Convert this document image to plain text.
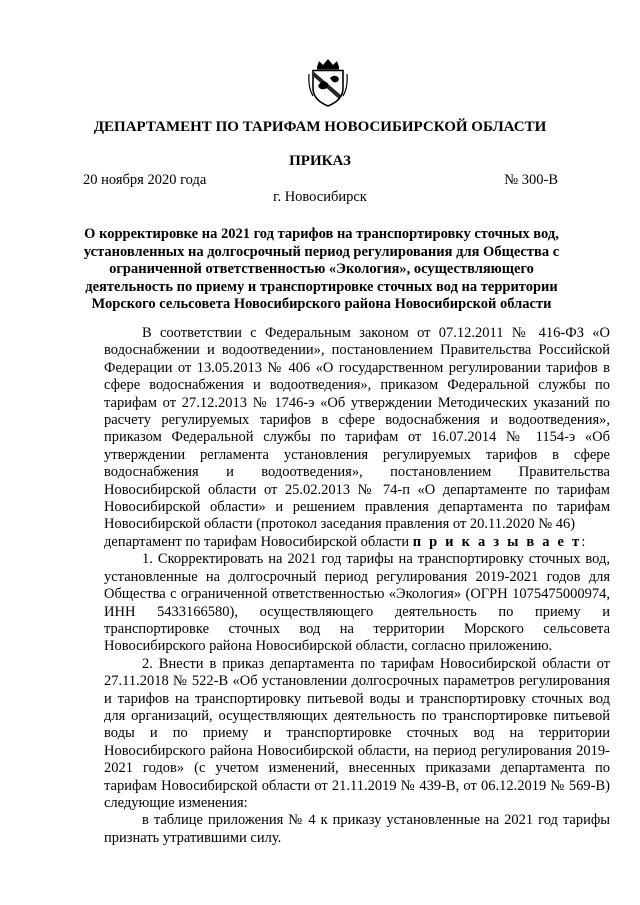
ДЕПАРТАМЕНТ ПО ТАРИФАМ НОВОСИБИРСКОЙ ОБЛАСТИ
ПРИКАЗ
20 ноября 2020 года	№ 300-В
г. Новосибирск
О корректировке на 2021 год тарифов на транспортировку сточных вод, установленных на долгосрочный период регулирования для Общества с ограниченной ответственностью «Экология», осуществляющего деятельность по приему и транспортировке сточных вод на территории Морского сельсовета Новосибирского района Новосибирской области

В соответствии с Федеральным законом от 07.12.2011 № 416-ФЗ «О водоснабжении и водоотведении», постановлением Правительства Российской Федерации от 13.05.2013 № 406 «О государственном регулировании тарифов в сфере водоснабжения и водоотведения», приказом Федеральной службы по тарифам от 27.12.2013 № 1746-э «Об утверждении Методических указаний по расчету регулируемых тарифов в сфере водоснабжения и водоотведения», приказом Федеральной службы по тарифам от 16.07.2014 № 1154-э «Об утверждении регламента установления регулируемых тарифов в сфере водоснабжения и водоотведения», постановлением Правительства Новосибирской области от 25.02.2013 № 74-п «О департаменте по тарифам Новосибирской области» и решением правления департамента по тарифам Новосибирской области (протокол заседания правления от 20.11.2020 № 46)

департамент по тарифам Новосибирской области п р и к а з ы в а е т:

1. Скорректировать на 2021 год тарифы на транспортировку сточных вод, установленные на долгосрочный период регулирования 2019-2021 годов для Общества с ограниченной ответственностью «Экология» (ОГРН 1075475000974, ИНН 5433166580), осуществляющего деятельность по приему и транспортировке сточных вод на территории Морского сельсовета Новосибирского района Новосибирской области, согласно приложению.

2. Внести в приказ департамента по тарифам Новосибирской области от 27.11.2018 № 522-В «Об установлении долгосрочных параметров регулирования и тарифов на транспортировку питьевой воды и транспортировку сточных вод для организаций, осуществляющих деятельность по транспортировке питьевой воды и по приему и транспортировке сточных вод на территории Новосибирского района Новосибирской области, на период регулирования 2019-2021 годов» (с учетом изменений, внесенных приказами департамента по тарифам Новосибирской области от 21.11.2019 № 439-В, от 06.12.2019 № 569-В) следующие изменения:

в таблице приложения № 4 к приказу установленные на 2021 год тарифы признать утратившими силу.
